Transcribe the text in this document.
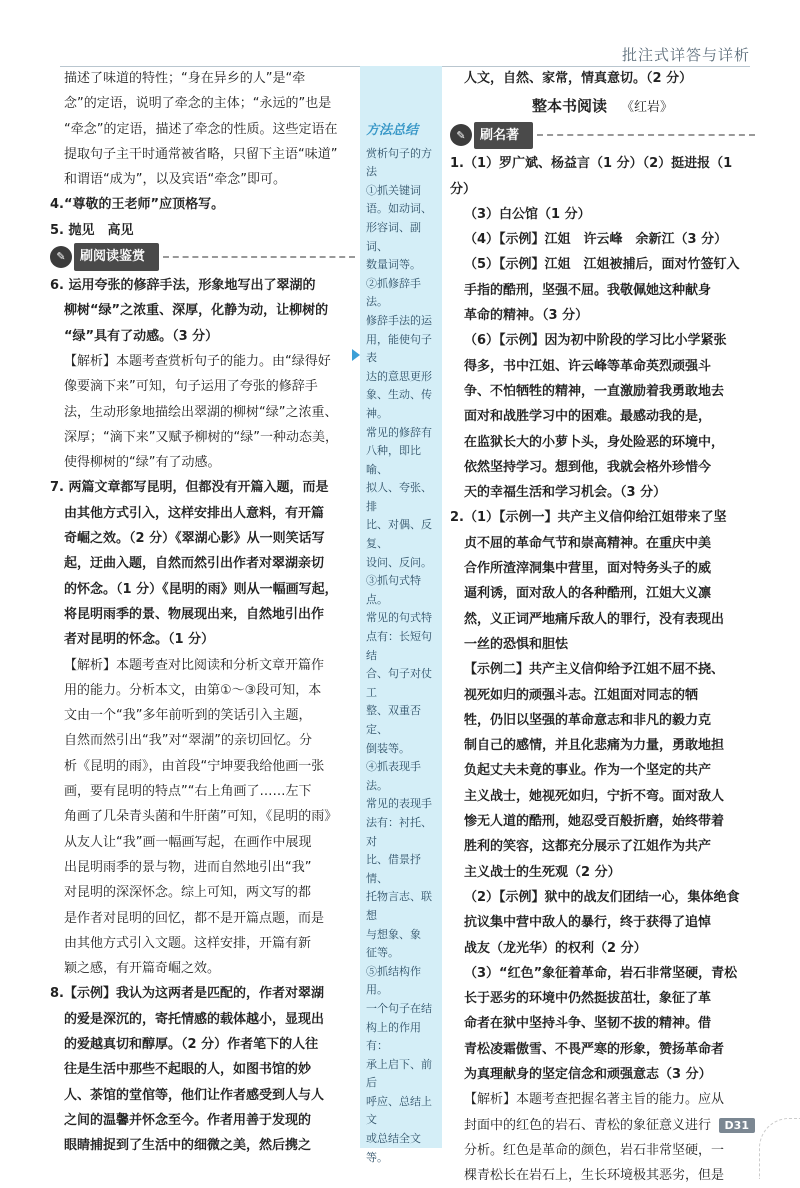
批注式详答与详析

描述了味道的特性；“身在异乡的人”是“牵

念”的定语，说明了牵念的主体；“永远的”也是

“牵念”的定语，描述了牵念的性质。这些定语在

提取句子主干时通常被省略，只留下主语“味道”

和谓语“成为”，以及宾语“牵念”即可。

4.“尊敬的王老师”应顶格写。

5. 抛见　高见

✎	刷阅读鉴赏

6. 运用夸张的修辞手法，形象地写出了翠湖的

柳树“绿”之浓重、深厚，化静为动，让柳树的

“绿”具有了动感。（3 分）

【解析】本题考查赏析句子的能力。由“绿得好

像要滴下来”可知，句子运用了夸张的修辞手

法，生动形象地描绘出翠湖的柳树“绿”之浓重、

深厚；“滴下来”又赋予柳树的“绿”一种动态美，

使得柳树的“绿”有了动感。

7. 两篇文章都写昆明，但都没有开篇入题，而是

由其他方式引入，这样安排出人意料，有开篇

奇崛之效。（2 分）《翠湖心影》从一则笑话写

起，迂曲入题，自然而然引出作者对翠湖亲切

的怀念。（1 分）《昆明的雨》则从一幅画写起，

将昆明雨季的景、物展现出来，自然地引出作

者对昆明的怀念。（1 分）

【解析】本题考查对比阅读和分析文章开篇作

用的能力。分析本文，由第①～③段可知，本

文由一个“我”多年前听到的笑话引入主题，

自然而然引出“我”对“翠湖”的亲切回忆。分

析《昆明的雨》，由首段“宁坤要我给他画一张

画，要有昆明的特点”“右上角画了……左下

角画了几朵青头菌和牛肝菌”可知，《昆明的雨》

从友人让“我”画一幅画写起，在画作中展现

出昆明雨季的景与物，进而自然地引出“我”

对昆明的深深怀念。综上可知，两文写的都

是作者对昆明的回忆，都不是开篇点题，而是

由其他方式引入文题。这样安排，开篇有新

颖之感，有开篇奇崛之效。

8.【示例】我认为这两者是匹配的，作者对翠湖

的爱是深沉的，寄托情感的载体越小，显现出

的爱越真切和醇厚。（2 分）作者笔下的人往

往是生活中那些不起眼的人，如图书馆的妙

人、茶馆的堂倌等，他们让作者感受到人与人

之间的温馨并怀念至今。作者用善于发现的

眼睛捕捉到了生活中的细微之美，然后携之

方法总结

赏析句子的方法

①抓关键词

语。如动词、

形容词、副词、

数量词等。

②抓修辞手法。

修辞手法的运

用，能使句子表

达的意思更形

象、生动、传神。

常见的修辞有

八种，即比喻、

拟人、夸张、排

比、对偶、反复、

设问、反问。

③抓句式特点。

常见的句式特

点有：长短句结

合、句子对仗工

整、双重否定、

倒装等。

④抓表现手法。

常见的表现手

法有：衬托、对

比、借景抒情、

托物言志、联想

与想象、象

征等。

⑤抓结构作用。

一个句子在结

构上的作用有：

承上启下、前后

呼应、总结上文

或总结全文等。

人文，自然、家常，情真意切。（2 分）

整本书阅读 《红岩》
✎	刷名著

1.（1）罗广斌、杨益言（1 分）（2）挺进报（1 分）

（3）白公馆（1 分）

（4）【示例】江姐　许云峰　余新江（3 分）

（5）【示例】江姐　江姐被捕后，面对竹签钉入

手指的酷刑，坚强不屈。我敬佩她这种献身

革命的精神。（3 分）

（6）【示例】因为初中阶段的学习比小学紧张

得多，书中江姐、许云峰等革命英烈顽强斗

争、不怕牺牲的精神，一直激励着我勇敢地去

面对和战胜学习中的困难。最感动我的是，

在监狱长大的小萝卜头，身处险恶的环境中，

依然坚持学习。想到他，我就会格外珍惜今

天的幸福生活和学习机会。（3 分）

2.（1）【示例一】共产主义信仰给江姐带来了坚

贞不屈的革命气节和崇高精神。在重庆中美

合作所渣滓洞集中营里，面对特务头子的威

逼利诱，面对敌人的各种酷刑，江姐大义凛

然，义正词严地痛斥敌人的罪行，没有表现出

一丝的恐惧和胆怯

【示例二】共产主义信仰给予江姐不屈不挠、

视死如归的顽强斗志。江姐面对同志的牺

牲，仍旧以坚强的革命意志和非凡的毅力克

制自己的感情，并且化悲痛为力量，勇敢地担

负起丈夫未竟的事业。作为一个坚定的共产

主义战士，她视死如归，宁折不弯。面对敌人

惨无人道的酷刑，她忍受百般折磨，始终带着

胜利的笑容，这都充分展示了江姐作为共产

主义战士的生死观（2 分）

（2）【示例】狱中的战友们团结一心，集体绝食

抗议集中营中敌人的暴行，终于获得了追悼

战友（龙光华）的权利（2 分）

（3）“红色”象征着革命，岩石非常坚硬，青松

长于恶劣的环境中仍然挺拔茁壮，象征了革

命者在狱中坚持斗争、坚韧不拔的精神。借

青松凌霜傲雪、不畏严寒的形象，赞扬革命者

为真理献身的坚定信念和顽强意志（3 分）

【解析】本题考查把握名著主旨的能力。应从

封面中的红色的岩石、青松的象征意义进行

分析。红色是革命的颜色，岩石非常坚硬，一

棵青松长在岩石上，生长环境极其恶劣，但是

D31
